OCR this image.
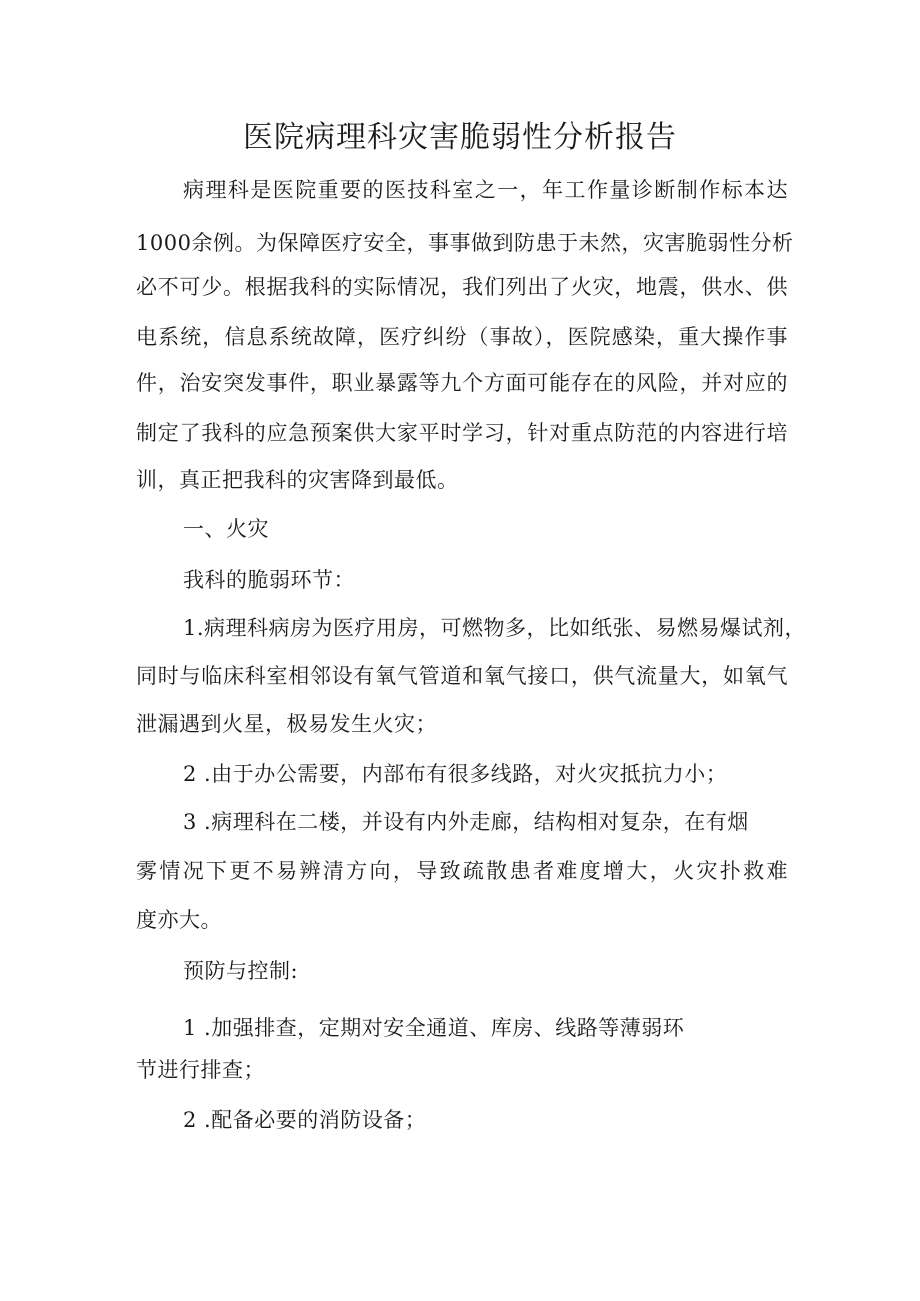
医院病理科灾害脆弱性分析报告
病理科是医院重要的医技科室之一，年工作量诊断制作标本达
1000余例。为保障医疗安全，事事做到防患于未然，灾害脆弱性分析
必不可少。根据我科的实际情况，我们列出了火灾，地震，供水、供
电系统，信息系统故障，医疗纠纷（事故），医院感染，重大操作事
件，治安突发事件，职业暴露等九个方面可能存在的风险，并对应的
制定了我科的应急预案供大家平时学习，针对重点防范的内容进行培
训，真正把我科的灾害降到最低。
一、火灾
我科的脆弱环节：
1.病理科病房为医疗用房，可燃物多，比如纸张、易燃易爆试剂，
同时与临床科室相邻设有氧气管道和氧气接口，供气流量大，如氧气
泄漏遇到火星，极易发生火灾；
2 .由于办公需要，内部布有很多线路，对火灾抵抗力小；
3 .病理科在二楼，并设有内外走廊，结构相对复杂，在有烟
雾情况下更不易辨清方向，导致疏散患者难度增大，火灾扑救难
度亦大。
预防与控制:
1 .加强排查，定期对安全通道、库房、线路等薄弱环
节进行排查；
2 .配备必要的消防设备；
